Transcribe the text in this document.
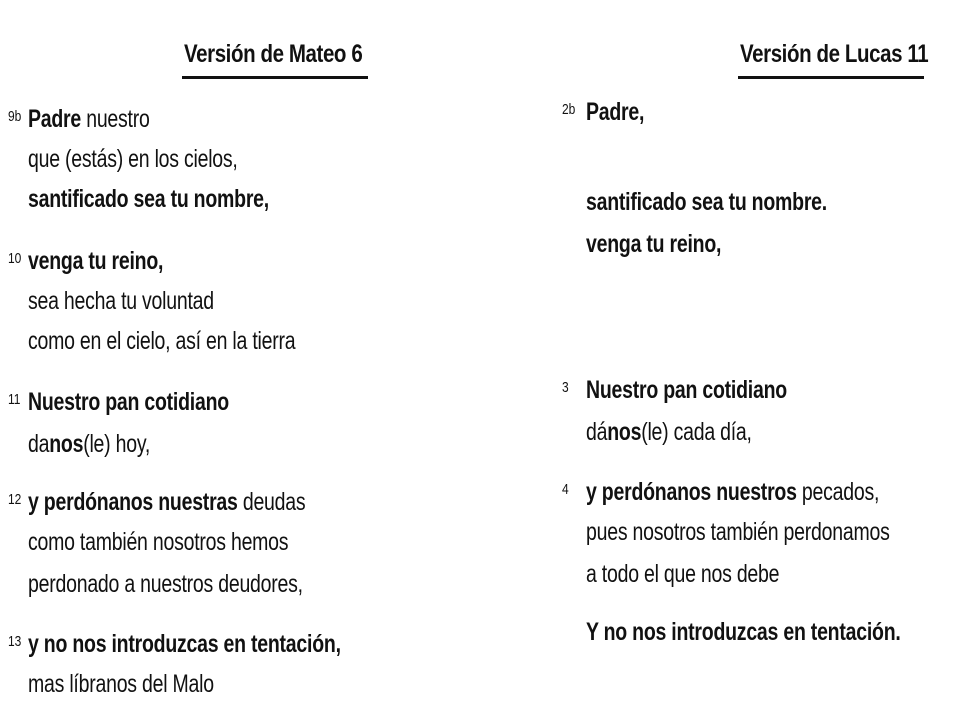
Versión de Mateo 6	Versión de Lucas 11
9b Padre nuestro
que (estás) en los cielos,
santificado sea tu nombre,
10 venga tu reino,
sea hecha tu voluntad
como en el cielo, así en la tierra
11 Nuestro pan cotidiano
danos(le) hoy,
12 y perdónanos nuestras deudas
como también nosotros hemos
perdonado a nuestros deudores,
13 y no nos introduzcas en tentación,
mas líbranos del Malo
2b Padre,
santificado sea tu nombre.
venga tu reino,
3 Nuestro pan cotidiano
dános(le) cada día,
4 y perdónanos nuestros pecados,
pues nosotros también perdonamos
a todo el que nos debe
Y no nos introduzcas en tentación.
